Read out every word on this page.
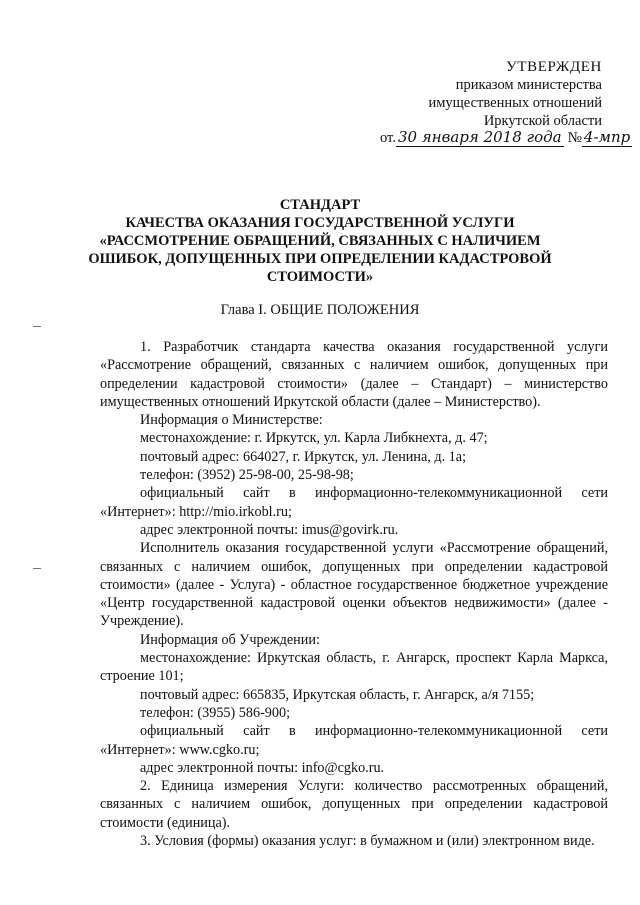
УТВЕРЖДЕН
приказом министерства
имущественных отношений
Иркутской области
от. 30 января 2018 года № 4-мпр
СТАНДАРТ
КАЧЕСТВА ОКАЗАНИЯ ГОСУДАРСТВЕННОЙ УСЛУГИ
«РАССМОТРЕНИЕ ОБРАЩЕНИЙ, СВЯЗАННЫХ С НАЛИЧИЕМ
ОШИБОК, ДОПУЩЕННЫХ ПРИ ОПРЕДЕЛЕНИИ КАДАСТРОВОЙ
СТОИМОСТИ»
Глава I. ОБЩИЕ ПОЛОЖЕНИЯ

1. Разработчик стандарта качества оказания государственной услуги «Рассмотрение обращений, связанных с наличием ошибок, допущенных при определении кадастровой стоимости» (далее – Стандарт) – министерство имущественных отношений Иркутской области (далее – Министерство).

Информация о Министерстве:

местонахождение: г. Иркутск, ул. Карла Либкнехта, д. 47;

почтовый адрес: 664027, г. Иркутск, ул. Ленина, д. 1а;

телефон: (3952) 25-98-00, 25-98-98;

официальный сайт в информационно-телекоммуникационной сети «Интернет»: http://mio.irkobl.ru;

адрес электронной почты: imus@govirk.ru.

Исполнитель оказания государственной услуги «Рассмотрение обращений, связанных с наличием ошибок, допущенных при определении кадастровой стоимости» (далее - Услуга) - областное государственное бюджетное учреждение «Центр государственной кадастровой оценки объектов недвижимости» (далее - Учреждение).

Информация об Учреждении:

местонахождение: Иркутская область, г. Ангарск, проспект Карла Маркса, строение 101;

почтовый адрес: 665835, Иркутская область, г. Ангарск, а/я 7155;

телефон: (3955) 586-900;

официальный сайт в информационно-телекоммуникационной сети «Интернет»: www.cgko.ru;

адрес электронной почты: info@cgko.ru.

2. Единица измерения Услуги: количество рассмотренных обращений, связанных с наличием ошибок, допущенных при определении кадастровой стоимости (единица).

3. Условия (формы) оказания услуг: в бумажном и (или) электронном виде.
